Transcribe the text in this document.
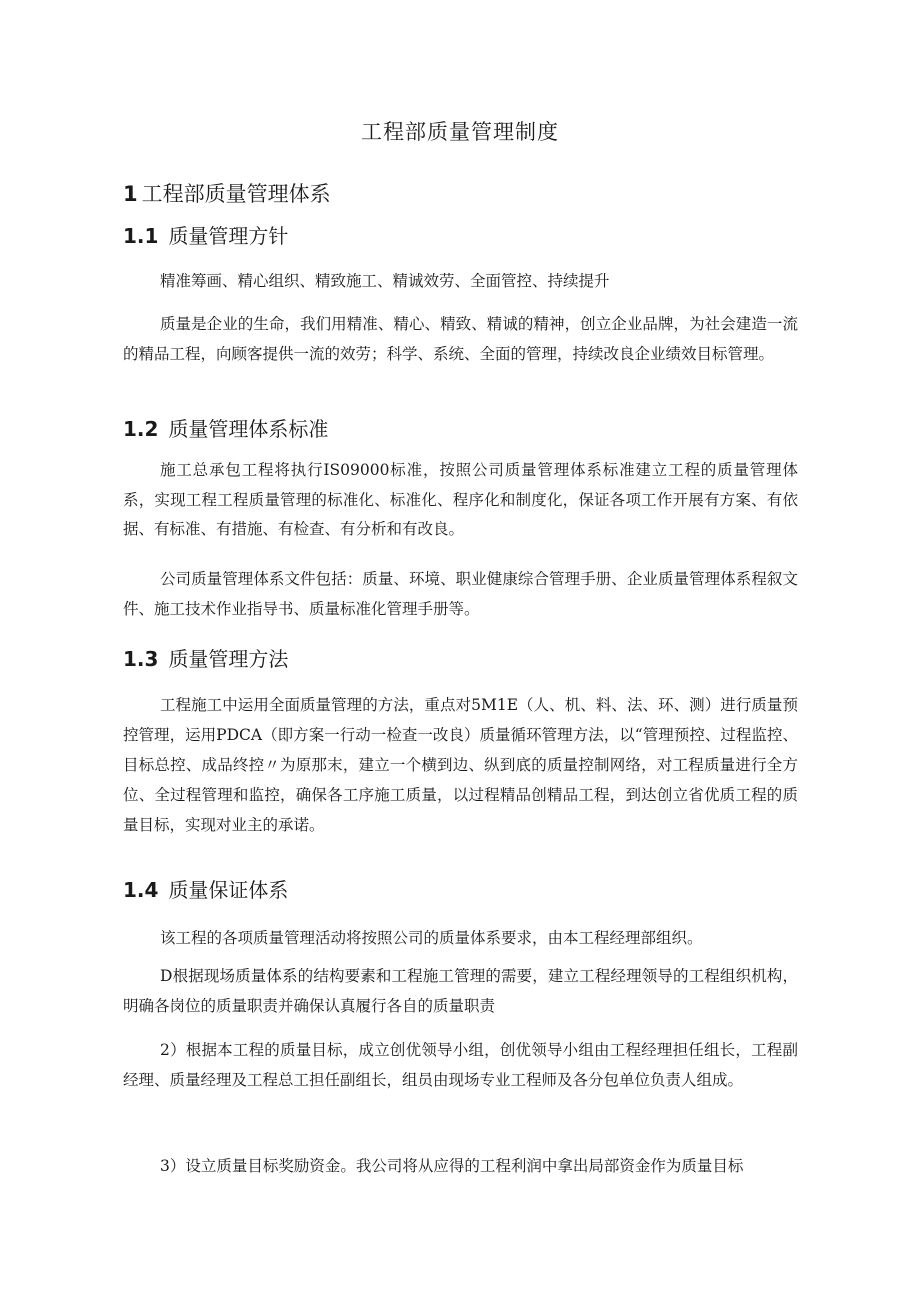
工程部质量管理制度
1 工程部质量管理体系
1.1 质量管理方针
精准筹画、精心组织、精致施工、精诚效劳、全面管控、持续提升
质量是企业的生命，我们用精准、精心、精致、精诚的精神，创立企业品牌，为社会建造一流的精品工程，向顾客提供一流的效劳；科学、系统、全面的管理，持续改良企业绩效目标管理。
1.2 质量管理体系标准
施工总承包工程将执行IS09000标准，按照公司质量管理体系标准建立工程的质量管理体系，实现工程工程质量管理的标准化、标准化、程序化和制度化，保证各项工作开展有方案、有依据、有标准、有措施、有检查、有分析和有改良。
公司质量管理体系文件包括：质量、环境、职业健康综合管理手册、企业质量管理体系程叙文件、施工技术作业指导书、质量标准化管理手册等。
1.3 质量管理方法
工程施工中运用全面质量管理的方法，重点对5M1E（人、机、料、法、环、测）进行质量预控管理，运用PDCA（即方案一行动一检查一改良）质量循环管理方法，以“管理预控、过程监控、目标总控、成品终控〃为原那末，建立一个横到边、纵到底的质量控制网络，对工程质量进行全方位、全过程管理和监控，确保各工序施工质量，以过程精品创精品工程，到达创立省优质工程的质量目标，实现对业主的承诺。
1.4 质量保证体系
该工程的各项质量管理活动将按照公司的质量体系要求，由本工程经理部组织。
D根据现场质量体系的结构要素和工程施工管理的需要，建立工程经理领导的工程组织机构，明确各岗位的质量职责并确保认真履行各自的质量职责
2）根据本工程的质量目标，成立创优领导小组，创优领导小组由工程经理担任组长，工程副经理、质量经理及工程总工担任副组长，组员由现场专业工程师及各分包单位负责人组成。
3）设立质量目标奖励资金。我公司将从应得的工程利润中拿出局部资金作为质量目标
